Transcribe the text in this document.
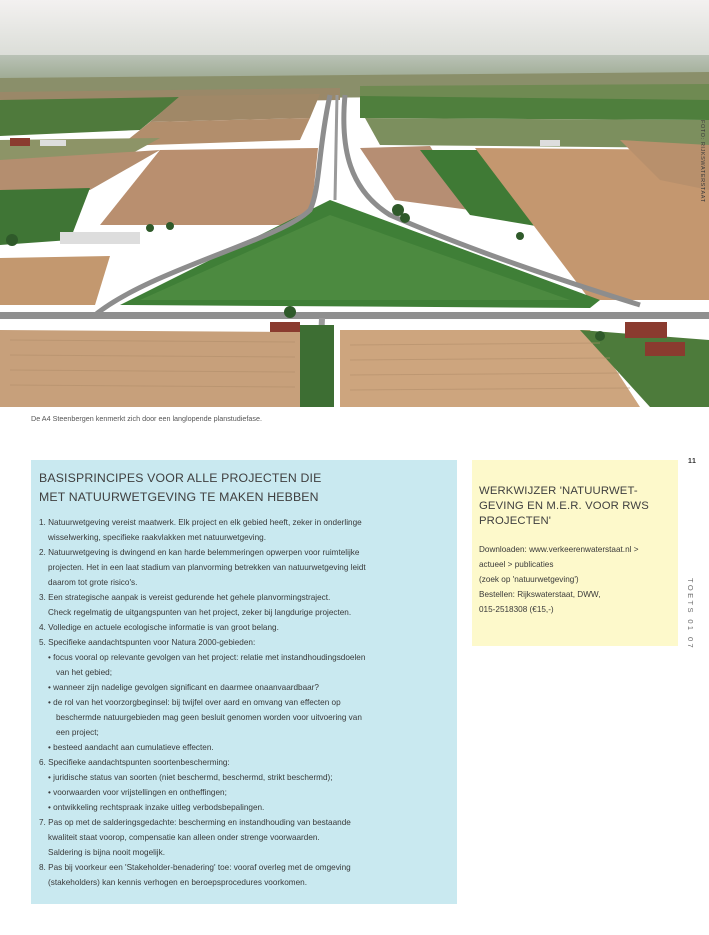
FOTO: RIJKSWATERSTAAT
De A4 Steenbergen kenmerkt zich door een langlopende planstudiefase.
11
TOETS 01 07
BASISPRINCIPES VOOR ALLE PROJECTEN DIE
MET NATUURWETGEVING TE MAKEN HEBBEN
1. Natuurwetgeving vereist maatwerk. Elk project en elk gebied heeft, zeker in onderlinge
wisselwerking, specifieke raakvlakken met natuurwetgeving.
2. Natuurwetgeving is dwingend en kan harde belemmeringen opwerpen voor ruimtelijke
projecten. Het in een laat stadium van planvorming betrekken van natuurwetgeving leidt
daarom tot grote risico's.
3. Een strategische aanpak is vereist gedurende het gehele planvormingstraject.
Check regelmatig de uitgangspunten van het project, zeker bij langdurige projecten.
4. Volledige en actuele ecologische informatie is van groot belang.
5. Specifieke aandachtspunten voor Natura 2000-gebieden:
• focus vooral op relevante gevolgen van het project: relatie met instandhoudingsdoelen
van het gebied;
• wanneer zijn nadelige gevolgen significant en daarmee onaanvaardbaar?
• de rol van het voorzorgbeginsel: bij twijfel over aard en omvang van effecten op
beschermde natuurgebieden mag geen besluit genomen worden voor uitvoering van
een project;
• besteed aandacht aan cumulatieve effecten.
6. Specifieke aandachtspunten soortenbescherming:
• juridische status van soorten (niet beschermd, beschermd, strikt beschermd);
• voorwaarden voor vrijstellingen en ontheffingen;
• ontwikkeling rechtspraak inzake uitleg verbodsbepalingen.
7. Pas op met de salderingsgedachte: bescherming en instandhouding van bestaande
kwaliteit staat voorop, compensatie kan alleen onder strenge voorwaarden.
Saldering is bijna nooit mogelijk.
8. Pas bij voorkeur een 'Stakeholder-benadering' toe: vooraf overleg met de omgeving
(stakeholders) kan kennis verhogen en beroepsprocedures voorkomen.
WERKWIJZER 'NATUURWET-
GEVING EN M.E.R. VOOR RWS
PROJECTEN'
Downloaden: www.verkeerenwaterstaat.nl >
actueel > publicaties
(zoek op 'natuurwetgeving')
Bestellen: Rijkswaterstaat, DWW,
015-2518308 (€15,-)
